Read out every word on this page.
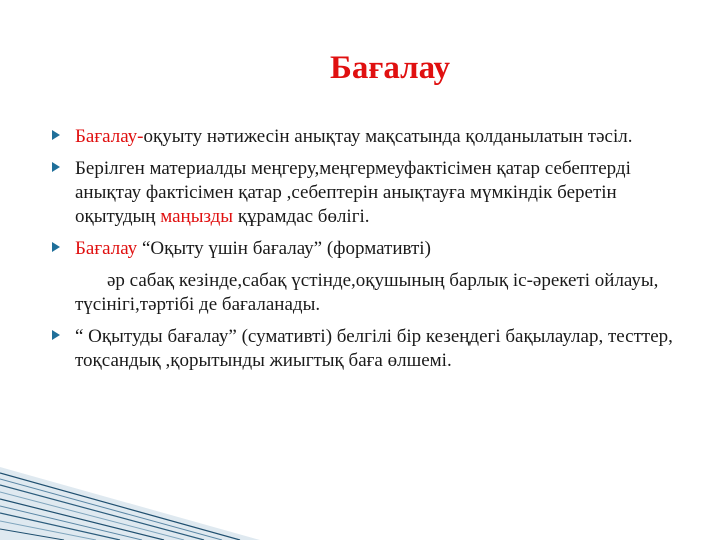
Бағалау
Бағалау-оқуыту нәтижесін анықтау мақсатында қолданылатын тәсіл.
Берілген материалды меңгеру,меңгермеуфактісімен қатар себептерді анықтау фактісімен қатар ,себептерін анықтауға мүмкіндік беретін оқытудың маңызды құрамдас бөлігі.
Бағалау “Оқыту үшін бағалау” (формативті)
әр сабақ кезінде,сабақ үстінде,оқушының барлық іс-әрекеті ойлауы, түсінігі,тәртібі де бағаланады.
“ Оқытуды бағалау” (сумативті) белгілі бір кезеңдегі бақылаулар, тесттер, тоқсандық ,қорытынды жиыгтық баға өлшемі.
